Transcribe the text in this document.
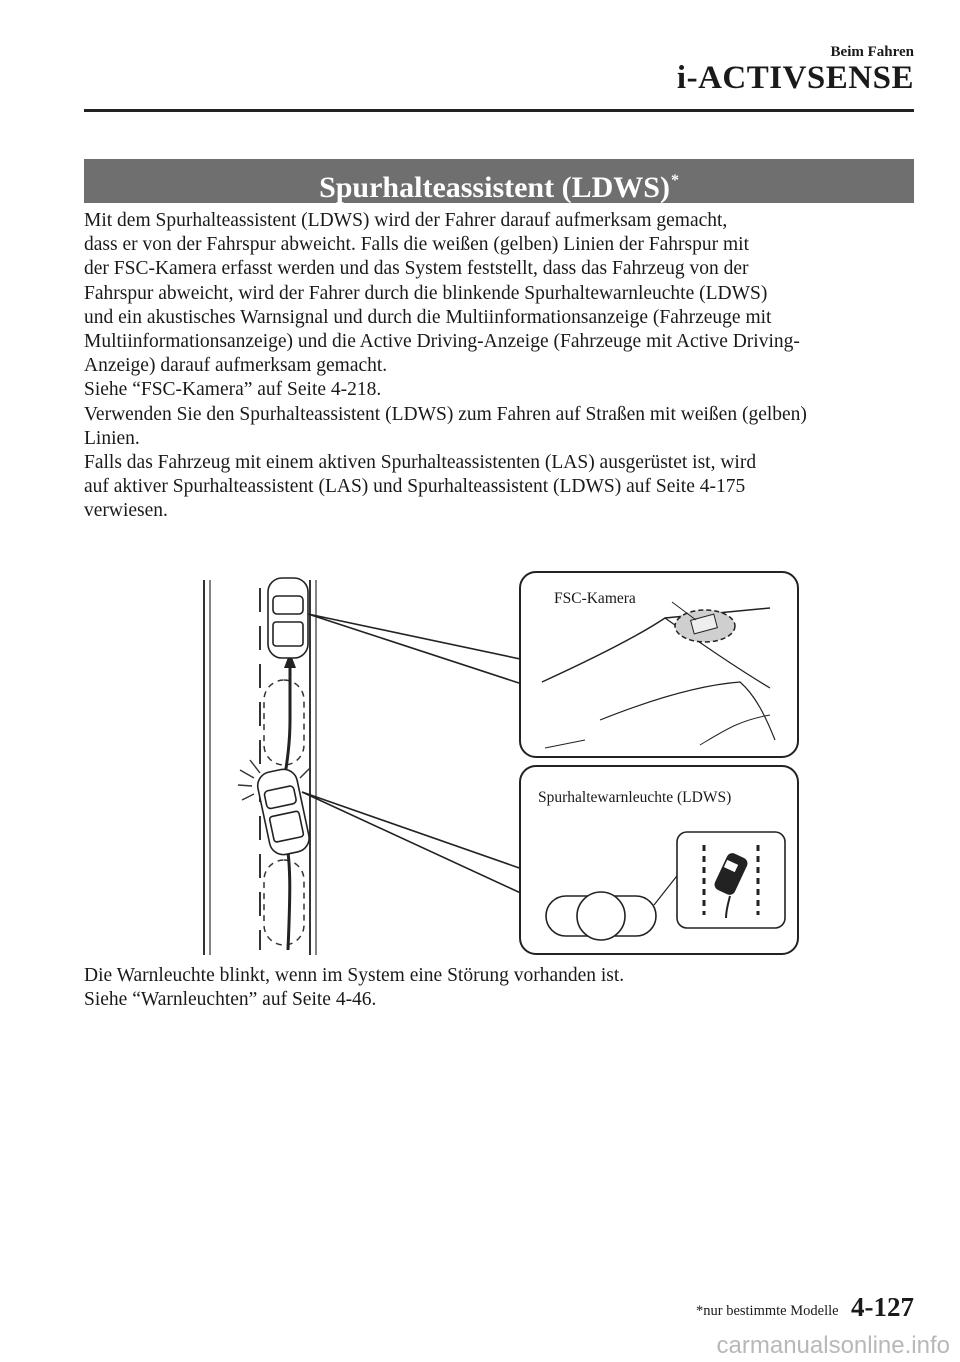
Beim Fahren
i-ACTIVSENSE
Spurhalteassistent (LDWS)*

Mit dem Spurhalteassistent (LDWS) wird der Fahrer darauf aufmerksam gemacht,

dass er von der Fahrspur abweicht. Falls die weißen (gelben) Linien der Fahrspur mit

der FSC-Kamera erfasst werden und das System feststellt, dass das Fahrzeug von der

Fahrspur abweicht, wird der Fahrer durch die blinkende Spurhaltewarnleuchte (LDWS)

und ein akustisches Warnsignal und durch die Multiinformationsanzeige (Fahrzeuge mit

Multiinformationsanzeige) und die Active Driving-Anzeige (Fahrzeuge mit Active Driving-

Anzeige) darauf aufmerksam gemacht.

Siehe “FSC-Kamera” auf Seite 4-218.

Verwenden Sie den Spurhalteassistent (LDWS) zum Fahren auf Straßen mit weißen (gelben)

Linien.

Falls das Fahrzeug mit einem aktiven Spurhalteassistenten (LAS) ausgerüstet ist, wird

auf aktiver Spurhalteassistent (LAS) und Spurhalteassistent (LDWS) auf Seite 4-175

verwiesen.

FSC-Kamera
Spurhaltewarnleuchte (LDWS)

Die Warnleuchte blinkt, wenn im System eine Störung vorhanden ist.

Siehe “Warnleuchten” auf Seite 4-46.

*nur bestimmte Modelle 4-127
carmanualsonline.info
